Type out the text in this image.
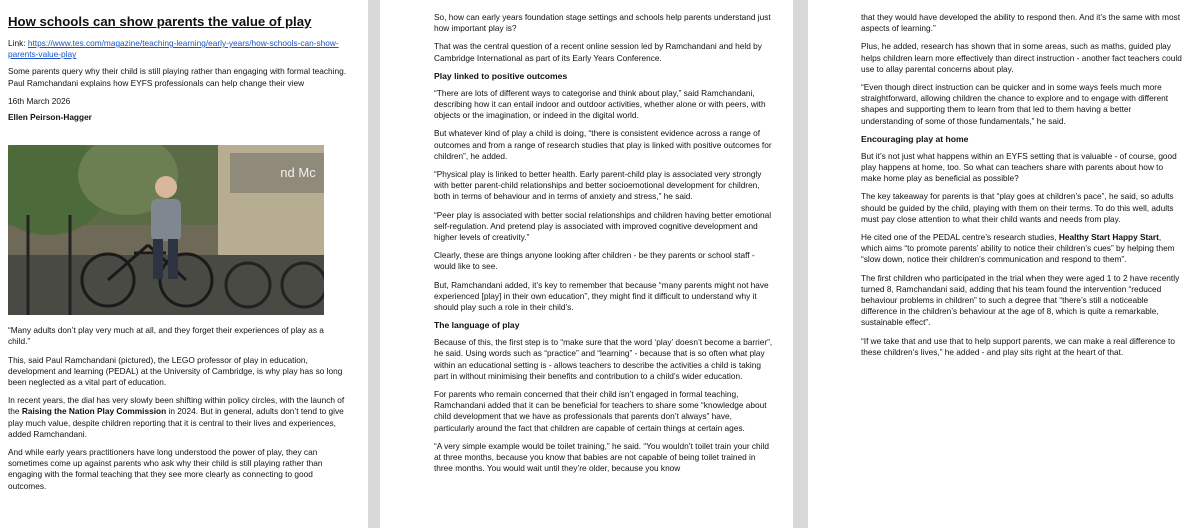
How schools can show parents the value of play
Link: https://www.tes.com/magazine/teaching-learning/early-years/how-schools-can-show-parents-value-play

Some parents query why their child is still playing rather than engaging with formal teaching. Paul Ramchandani explains how EYFS professionals can help change their view

16th March 2026
Ellen Peirson-Hagger
nd Mc

“Many adults don’t play very much at all, and they forget their experiences of play as a child.”

This, said Paul Ramchandani (pictured), the LEGO professor of play in education, development and learning (PEDAL) at the University of Cambridge, is why play has so long been neglected as a vital part of education.

In recent years, the dial has very slowly been shifting within policy circles, with the launch of the Raising the Nation Play Commission in 2024. But in general, adults don’t tend to give play much value, despite children reporting that it is central to their lives and experiences, added Ramchandani.

And while early years practitioners have long understood the power of play, they can sometimes come up against parents who ask why their child is still playing rather than engaging with the formal teaching that they see more clearly as connecting to good outcomes.

So, how can early years foundation stage settings and schools help parents understand just how important play is?

That was the central question of a recent online session led by Ramchandani and held by Cambridge International as part of its Early Years Conference.

Play linked to positive outcomes

“There are lots of different ways to categorise and think about play,” said Ramchandani, describing how it can entail indoor and outdoor activities, whether alone or with peers, with objects or the imagination, or indeed in the digital world.

But whatever kind of play a child is doing, “there is consistent evidence across a range of outcomes and from a range of research studies that play is linked with positive outcomes for children”, he added.

“Physical play is linked to better health. Early parent-child play is associated very strongly with better parent-child relationships and better socioemotional development for children, both in terms of behaviour and in terms of anxiety and stress,” he said.

“Peer play is associated with better social relationships and children having better emotional self-regulation. And pretend play is associated with improved cognitive development and higher levels of creativity.”

Clearly, these are things anyone looking after children - be they parents or school staff - would like to see.

But, Ramchandani added, it’s key to remember that because “many parents might not have experienced [play] in their own education”, they might find it difficult to understand why it should play such a role in their child’s.

The language of play

Because of this, the first step is to “make sure that the word ‘play’ doesn’t become a barrier”, he said. Using words such as “practice” and “learning” - because that is so often what play within an educational setting is - allows teachers to describe the activities a child is taking part in without minimising their benefits and contribution to a child’s wider education.

For parents who remain concerned that their child isn’t engaged in formal teaching, Ramchandani added that it can be beneficial for teachers to share some “knowledge about child development that we have as professionals that parents don’t always” have, particularly around the fact that children are capable of certain things at certain ages.

“A very simple example would be toilet training,” he said. “You wouldn’t toilet train your child at three months, because you know that babies are not capable of being toilet trained in three months. You would wait until they’re older, because you know

that they would have developed the ability to respond then. And it’s the same with most aspects of learning.”

Plus, he added, research has shown that in some areas, such as maths, guided play helps children learn more effectively than direct instruction - another fact teachers could use to allay parental concerns about play.

“Even though direct instruction can be quicker and in some ways feels much more straightforward, allowing children the chance to explore and to engage with different shapes and supporting them to learn from that led to them having a better understanding of some of those fundamentals,” he said.

Encouraging play at home

But it’s not just what happens within an EYFS setting that is valuable - of course, good play happens at home, too. So what can teachers share with parents about how to make home play as beneficial as possible?

The key takeaway for parents is that “play goes at children’s pace”, he said, so adults should be guided by the child, playing with them on their terms. To do this well, adults must pay close attention to what their child wants and needs from play.

He cited one of the PEDAL centre’s research studies, Healthy Start Happy Start, which aims “to promote parents’ ability to notice their children’s cues” by helping them “slow down, notice their children’s communication and respond to them”.

The first children who participated in the trial when they were aged 1 to 2 have recently turned 8, Ramchandani said, adding that his team found the intervention “reduced behaviour problems in children” to such a degree that “there’s still a noticeable difference in the children’s behaviour at the age of 8, which is quite a remarkable, sustainable effect”.

“If we take that and use that to help support parents, we can make a real difference to these children’s lives,” he added - and play sits right at the heart of that.
